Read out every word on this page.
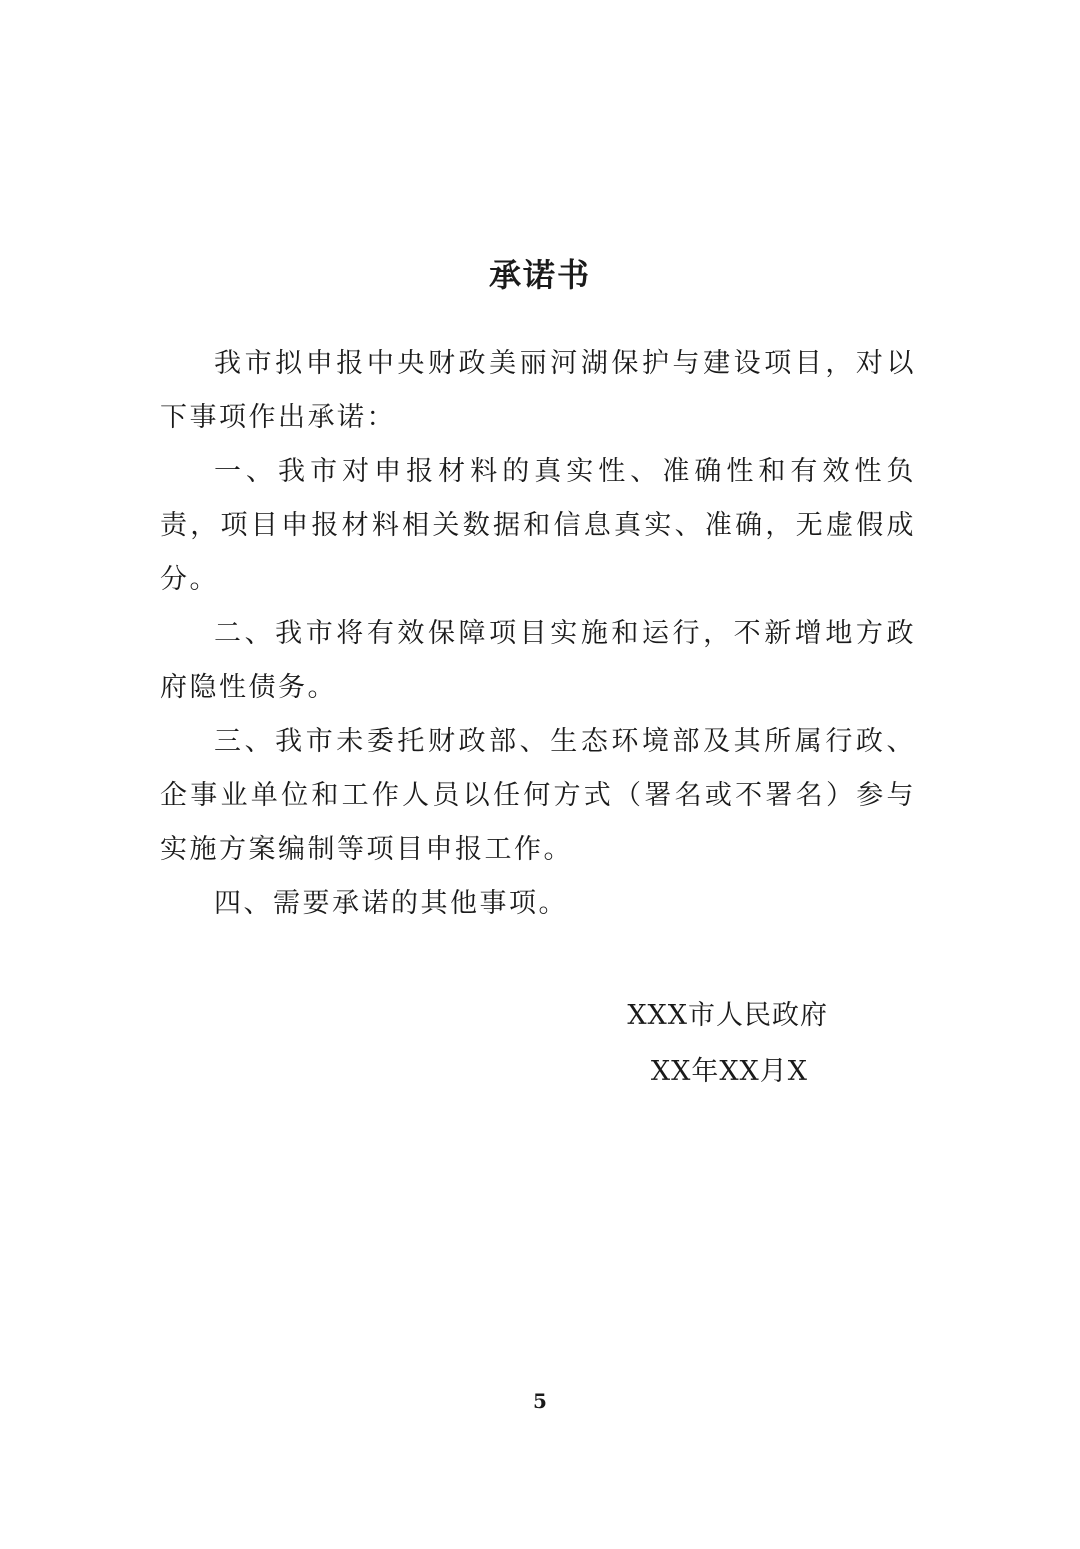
承诺书

我市拟申报中央财政美丽河湖保护与建设项目，对以下事项作出承诺：

一、我市对申报材料的真实性、准确性和有效性负责，项目申报材料相关数据和信息真实、准确，无虚假成分。

二、我市将有效保障项目实施和运行，不新增地方政府隐性债务。

三、我市未委托财政部、生态环境部及其所属行政、企事业单位和工作人员以任何方式（署名或不署名）参与实施方案编制等项目申报工作。

四、需要承诺的其他事项。

XXX市人民政府
XX年XX月X
5
